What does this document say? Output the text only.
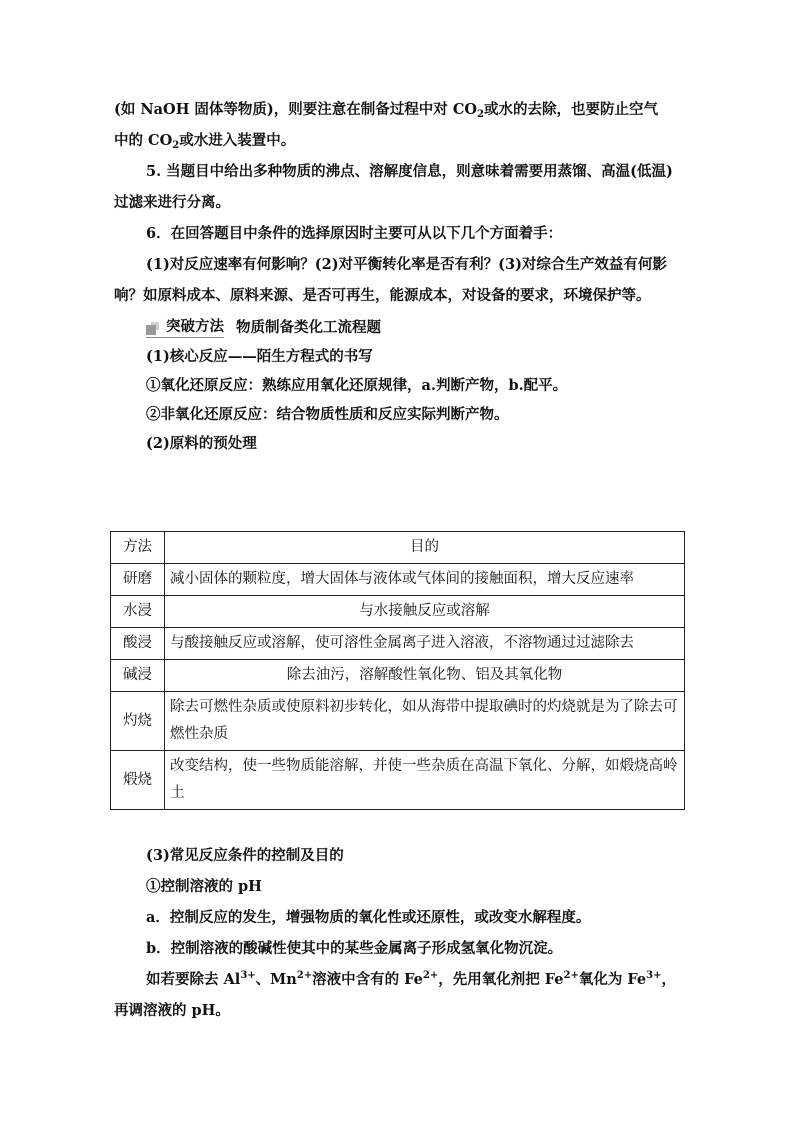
(如 NaOH 固体等物质)，则要注意在制备过程中对 $CO_2$或水的去除，也要防止空气
中的 $CO_2$或水进入装置中。

5. 当题目中给出多种物质的沸点、溶解度信息，则意味着需要用蒸馏、高温(低温)过滤来进行分离。

6．在回答题目中条件的选择原因时主要可从以下几个方面着手：

(1)对反应速率有何影响？(2)对平衡转化率是否有利？(3)对综合生产效益有何影响？如原料成本、原料来源、是否可再生，能源成本，对设备的要求，环境保护等。

突破方法 物质制备类化工流程题

(1)核心反应——陌生方程式的书写

①氧化还原反应：熟练应用氧化还原规律，a.判断产物，b.配平。

②非氧化还原反应：结合物质性质和反应实际判断产物。

(2)原料的预处理

方法	目的
研磨	减小固体的颗粒度，增大固体与液体或气体间的接触面积，增大反应速率
水浸	与水接触反应或溶解
酸浸	与酸接触反应或溶解，使可溶性金属离子进入溶液，不溶物通过过滤除去
碱浸	除去油污，溶解酸性氧化物、铝及其氧化物
灼烧	除去可燃性杂质或使原料初步转化，如从海带中提取碘时的灼烧就是为了除去可燃性杂质
煅烧	改变结构，使一些物质能溶解，并使一些杂质在高温下氧化、分解，如煅烧高岭土

(3)常见反应条件的控制及目的

①控制溶液的 pH

a．控制反应的发生，增强物质的氧化性或还原性，或改变水解程度。

b．控制溶液的酸碱性使其中的某些金属离子形成氢氧化物沉淀。

如若要除去 $Al^{3+}$、$Mn^{2+}$溶液中含有的 $Fe^{2+}$，先用氧化剂把 $Fe^{2+}$氧化为 $Fe^{3+}$，再调溶液的 pH。
